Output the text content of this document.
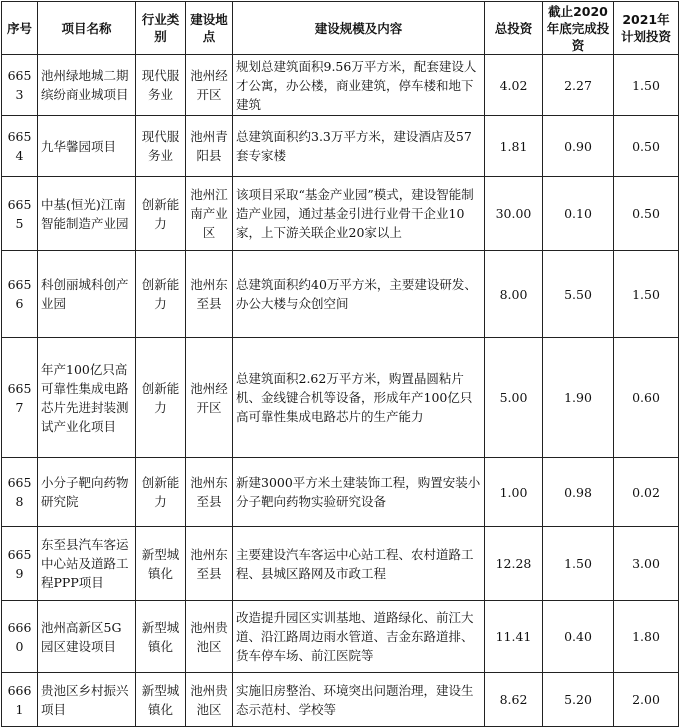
序号	项目名称	行业类别	建设地点	建设规模及内容	总投资	截止2020年底完成投资	2021年计划投资
6653	池州绿地城二期缤纷商业城项目	现代服务业	池州经开区	规划总建筑面积9.56万平方米，配套建设人才公寓，办公楼，商业建筑，停车楼和地下建筑	4.02	2.27	1.50
6654	九华馨园项目	现代服务业	池州青阳县	总建筑面积约3.3万平方米，建设酒店及57套专家楼	1.81	0.90	0.50
6655	中基(恒光)江南智能制造产业园	创新能力	池州江南产业区	该项目采取“基金产业园”模式，建设智能制造产业园，通过基金引进行业骨干企业10家，上下游关联企业20家以上	30.00	0.10	0.50
6656	科创丽城科创产业园	创新能力	池州东至县	总建筑面积约40万平方米，主要建设研发、办公大楼与众创空间	8.00	5.50	1.50
6657	年产100亿只高可靠性集成电路芯片先进封装测试产业化项目	创新能力	池州经开区	总建筑面积2.62万平方米，购置晶圆粘片机、金线键合机等设备，形成年产100亿只高可靠性集成电路芯片的生产能力	5.00	1.90	0.60
6658	小分子靶向药物研究院	创新能力	池州东至县	新建3000平方米土建装饰工程，购置安装小分子靶向药物实验研究设备	1.00	0.98	0.02
6659	东至县汽车客运中心站及道路工程PPP项目	新型城镇化	池州东至县	主要建设汽车客运中心站工程、农村道路工程、县城区路网及市政工程	12.28	1.50	3.00
6660	池州高新区5G园区建设项目	新型城镇化	池州贵池区	改造提升园区实训基地、道路绿化、前江大道、沿江路周边雨水管道、吉金东路道排、货车停车场、前江医院等	11.41	0.40	1.80
6661	贵池区乡村振兴项目	新型城镇化	池州贵池区	实施旧房整治、环境突出问题治理，建设生态示范村、学校等	8.62	5.20	2.00
